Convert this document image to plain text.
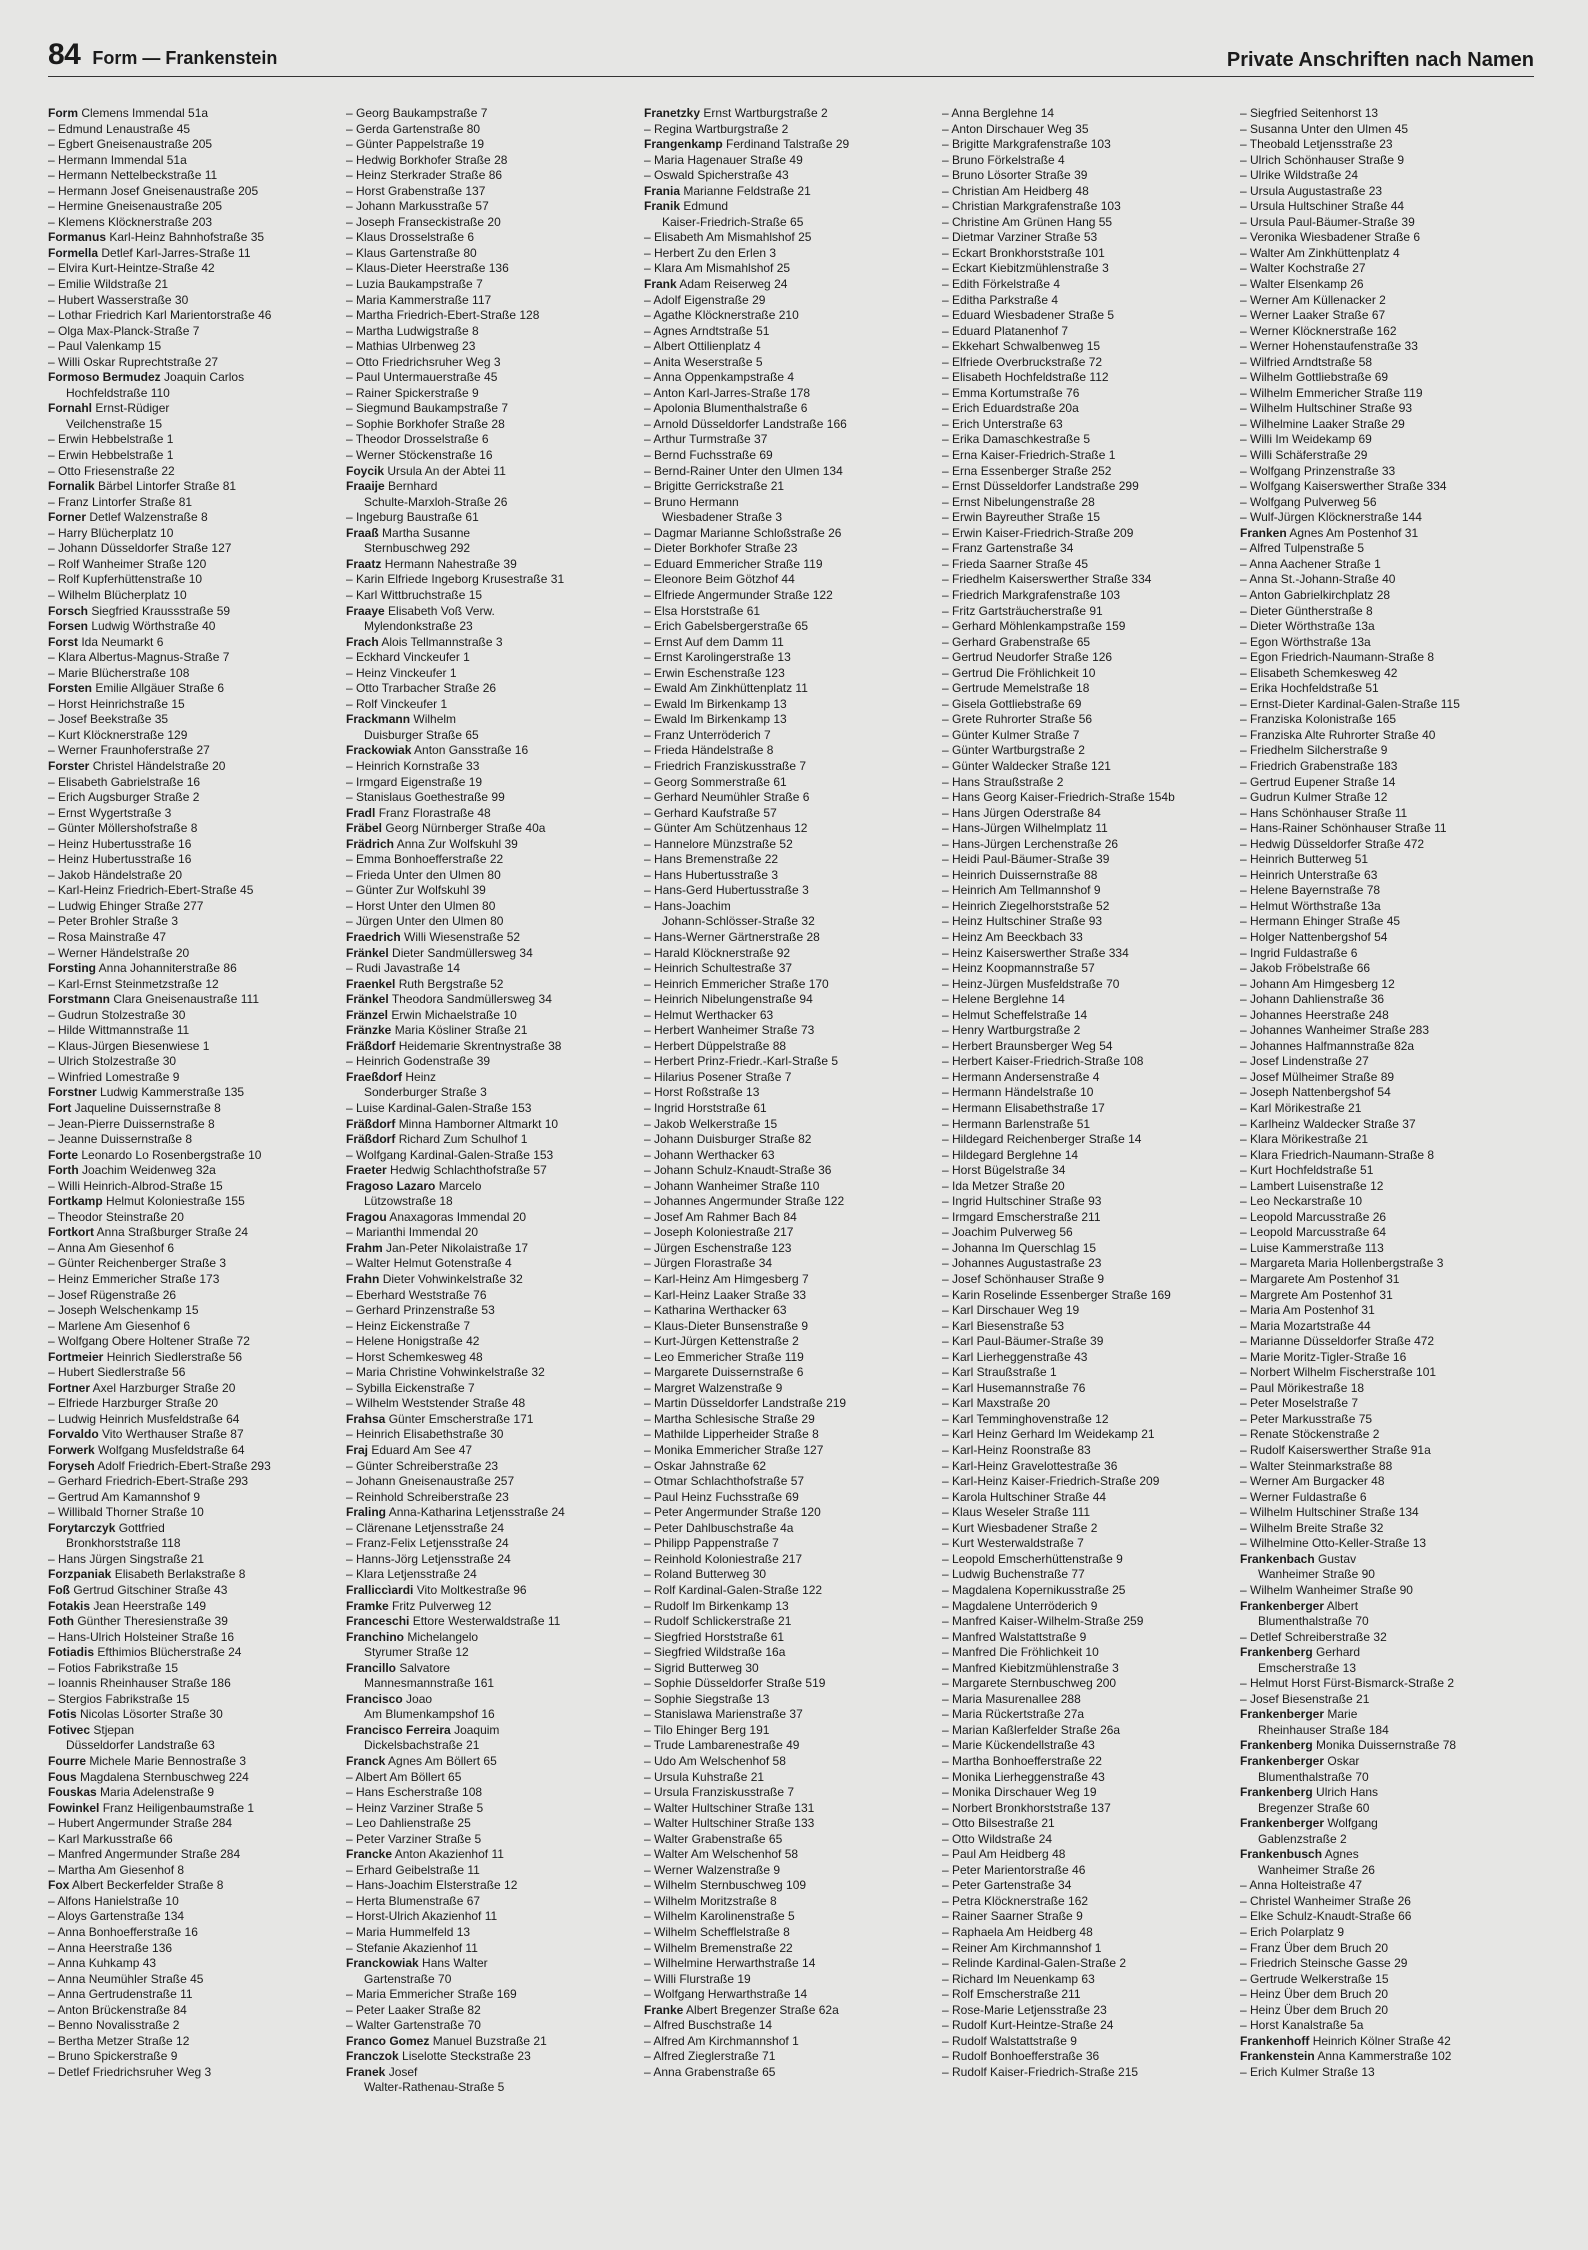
84 Form — Frankenstein	Private Anschriften nach Namen
Form Clemens Immendal 51a
– Edmund Lenaustraße 45
– Egbert Gneisenaustraße 205
– Hermann Immendal 51a
– Hermann Nettelbeckstraße 11
– Hermann Josef Gneisenaustraße 205
– Hermine Gneisenaustraße 205
– Klemens Klöcknerstraße 203
Formanus Karl-Heinz Bahnhofstraße 35
Formella Detlef Karl-Jarres-Straße 11
– Elvira Kurt-Heintze-Straße 42
– Emilie Wildstraße 21
– Hubert Wasserstraße 30
– Lothar Friedrich Karl Marientorstraße 46
– Olga Max-Planck-Straße 7
– Paul Valenkamp 15
– Willi Oskar Ruprechtstraße 27
Formoso Bermudez Joaquin Carlos
Hochfeldstraße 110
Fornahl Ernst-Rüdiger
Veilchenstraße 15
– Erwin Hebbelstraße 1
– Erwin Hebbelstraße 1
– Otto Friesenstraße 22
Fornalik Bärbel Lintorfer Straße 81
– Franz Lintorfer Straße 81
Forner Detlef Walzenstraße 8
– Harry Blücherplatz 10
– Johann Düsseldorfer Straße 127
– Rolf Wanheimer Straße 120
– Rolf Kupferhüttenstraße 10
– Wilhelm Blücherplatz 10
Forsch Siegfried Kraussstraße 59
Forsen Ludwig Wörthstraße 40
Forst Ida Neumarkt 6
– Klara Albertus-Magnus-Straße 7
– Marie Blücherstraße 108
Forsten Emilie Allgäuer Straße 6
– Horst Heinrichstraße 15
– Josef Beekstraße 35
– Kurt Klöcknerstraße 129
– Werner Fraunhoferstraße 27
Forster Christel Händelstraße 20
– Elisabeth Gabrielstraße 16
– Erich Augsburger Straße 2
– Ernst Wygertstraße 3
– Günter Möllershofstraße 8
– Heinz Hubertusstraße 16
– Heinz Hubertusstraße 16
– Jakob Händelstraße 20
– Karl-Heinz Friedrich-Ebert-Straße 45
– Ludwig Ehinger Straße 277
– Peter Brohler Straße 3
– Rosa Mainstraße 47
– Werner Händelstraße 20
Forsting Anna Johanniterstraße 86
– Karl-Ernst Steinmetzstraße 12
Forstmann Clara Gneisenaustraße 111
– Gudrun Stolzestraße 30
– Hilde Wittmannstraße 11
– Klaus-Jürgen Biesenwiese 1
– Ulrich Stolzestraße 30
– Winfried Lomestraße 9
Forstner Ludwig Kammerstraße 135
Fort Jaqueline Duissernstraße 8
– Jean-Pierre Duissernstraße 8
– Jeanne Duissernstraße 8
Forte Leonardo Lo Rosenbergstraße 10
Forth Joachim Weidenweg 32a
– Willi Heinrich-Albrod-Straße 15
Fortkamp Helmut Koloniestraße 155
– Theodor Steinstraße 20
Fortkort Anna Straßburger Straße 24
– Anna Am Giesenhof 6
– Günter Reichenberger Straße 3
– Heinz Emmericher Straße 173
– Josef Rügenstraße 26
– Joseph Welschenkamp 15
– Marlene Am Giesenhof 6
– Wolfgang Obere Holtener Straße 72
Fortmeier Heinrich Siedlerstraße 56
– Hubert Siedlerstraße 56
Fortner Axel Harzburger Straße 20
– Elfriede Harzburger Straße 20
– Ludwig Heinrich Musfeldstraße 64
Forvaldo Vito Werthauser Straße 87
Forwerk Wolfgang Musfeldstraße 64
Foryseh Adolf Friedrich-Ebert-Straße 293
– Gerhard Friedrich-Ebert-Straße 293
– Gertrud Am Kamannshof 9
– Willibald Thorner Straße 10
Forytarczyk Gottfried
Bronkhorststraße 118
– Hans Jürgen Singstraße 21
Forzpaniak Elisabeth Berlakstraße 8
Foß Gertrud Gitschiner Straße 43
Fotakis Jean Heerstraße 149
Foth Günther Theresienstraße 39
– Hans-Ulrich Holsteiner Straße 16
Fotiadis Efthimios Blücherstraße 24
– Fotios Fabrikstraße 15
– Ioannis Rheinhauser Straße 186
– Stergios Fabrikstraße 15
Fotis Nicolas Lösorter Straße 30
Fotivec Stjepan
Düsseldorfer Landstraße 63
Fourre Michele Marie Bennostraße 3
Fous Magdalena Sternbuschweg 224
Fouskas Maria Adelenstraße 9
Fowinkel Franz Heiligenbaumstraße 1
– Hubert Angermunder Straße 284
– Karl Markusstraße 66
– Manfred Angermunder Straße 284
– Martha Am Giesenhof 8
Fox Albert Beckerfelder Straße 8
– Alfons Hanielstraße 10
– Aloys Gartenstraße 134
– Anna Bonhoefferstraße 16
– Anna Heerstraße 136
– Anna Kuhkamp 43
– Anna Neumühler Straße 45
– Anna Gertrudenstraße 11
– Anton Brückenstraße 84
– Benno Novalisstraße 2
– Bertha Metzer Straße 12
– Bruno Spickerstraße 9
– Detlef Friedrichsruher Weg 3
– Georg Baukampstraße 7
– Gerda Gartenstraße 80
– Günter Pappelstraße 19
– Hedwig Borkhofer Straße 28
– Heinz Sterkrader Straße 86
– Horst Grabenstraße 137
– Johann Markusstraße 57
– Joseph Franseckistraße 20
– Klaus Drosselstraße 6
– Klaus Gartenstraße 80
– Klaus-Dieter Heerstraße 136
– Luzia Baukampstraße 7
– Maria Kammerstraße 117
– Martha Friedrich-Ebert-Straße 128
– Martha Ludwigstraße 8
– Mathias Ulrbenweg 23
– Otto Friedrichsruher Weg 3
– Paul Untermauerstraße 45
– Rainer Spickerstraße 9
– Siegmund Baukampstraße 7
– Sophie Borkhofer Straße 28
– Theodor Drosselstraße 6
– Werner Stöckenstraße 16
Foycik Ursula An der Abtei 11
Fraaije Bernhard
Schulte-Marxloh-Straße 26
– Ingeburg Baustraße 61
Fraaß Martha Susanne
Sternbuschweg 292
Fraatz Hermann Nahestraße 39
– Karin Elfriede Ingeborg Krusestraße 31
– Karl Wittbruchstraße 15
Fraaye Elisabeth Voß Verw.
Mylendonkstraße 23
Frach Alois Tellmannstraße 3
– Eckhard Vinckeufer 1
– Heinz Vinckeufer 1
– Otto Trarbacher Straße 26
– Rolf Vinckeufer 1
Frackmann Wilhelm
Duisburger Straße 65
Frackowiak Anton Gansstraße 16
– Heinrich Kornstraße 33
– Irmgard Eigenstraße 19
– Stanislaus Goethestraße 99
Fradl Franz Florastraße 48
Fräbel Georg Nürnberger Straße 40a
Frädrich Anna Zur Wolfskuhl 39
– Emma Bonhoefferstraße 22
– Frieda Unter den Ulmen 80
– Günter Zur Wolfskuhl 39
– Horst Unter den Ulmen 80
– Jürgen Unter den Ulmen 80
Fraedrich Willi Wiesenstraße 52
Fränkel Dieter Sandmüllersweg 34
– Rudi Javastraße 14
Fraenkel Ruth Bergstraße 52
Fränkel Theodora Sandmüllersweg 34
Fränzel Erwin Michaelstraße 10
Fränzke Maria Kösliner Straße 21
Fräßdorf Heidemarie Skrentnystraße 38
– Heinrich Godenstraße 39
Fraeßdorf Heinz
Sonderburger Straße 3
– Luise Kardinal-Galen-Straße 153
Fräßdorf Minna Hamborner Altmarkt 10
Fräßdorf Richard Zum Schulhof 1
– Wolfgang Kardinal-Galen-Straße 153
Fraeter Hedwig Schlachthofstraße 57
Fragoso Lazaro Marcelo
Lützowstraße 18
Fragou Anaxagoras Immendal 20
– Marianthi Immendal 20
Frahm Jan-Peter Nikolaistraße 17
– Walter Helmut Gotenstraße 4
Frahn Dieter Vohwinkelstraße 32
– Eberhard Weststraße 76
– Gerhard Prinzenstraße 53
– Heinz Eickenstraße 7
– Helene Honigstraße 42
– Horst Schemkesweg 48
– Maria Christine Vohwinkelstraße 32
– Sybilla Eickenstraße 7
– Wilhelm Weststender Straße 48
Frahsa Günter Emscherstraße 171
– Heinrich Elisabethstraße 30
Fraj Eduard Am See 47
– Günter Schreiberstraße 23
– Johann Gneisenaustraße 257
– Reinhold Schreiberstraße 23
Fraling Anna-Katharina Letjensstraße 24
– Clärenane Letjensstraße 24
– Franz-Felix Letjensstraße 24
– Hanns-Jörg Letjensstraße 24
– Klara Letjensstraße 24
Fralliccìardi Vito Moltkestraße 96
Framke Fritz Pulverweg 12
Franceschi Ettore Westerwaldstraße 11
Franchino Michelangelo
Styrumer Straße 12
Francillo Salvatore
Mannesmannstraße 161
Francisco Joao
Am Blumenkampshof 16
Francisco Ferreira Joaquim
Dickelsbachstraße 21
Franck Agnes Am Böllert 65
– Albert Am Böllert 65
– Hans Escherstraße 108
– Heinz Varziner Straße 5
– Leo Dahlienstraße 25
– Peter Varziner Straße 5
Francke Anton Akazienhof 11
– Erhard Geibelstraße 11
– Hans-Joachim Elsterstraße 12
– Herta Blumenstraße 67
– Horst-Ulrich Akazienhof 11
– Maria Hummelfeld 13
– Stefanie Akazienhof 11
Franckowiak Hans Walter
Gartenstraße 70
– Maria Emmericher Straße 169
– Peter Laaker Straße 82
– Walter Gartenstraße 70
Franco Gomez Manuel Buzstraße 21
Franczok Liselotte Steckstraße 23
Franek Josef
Walter-Rathenau-Straße 5
Franetzky Ernst Wartburgstraße 2
– Regina Wartburgstraße 2
Frangenkamp Ferdinand Talstraße 29
– Maria Hagenauer Straße 49
– Oswald Spicherstraße 43
Frania Marianne Feldstraße 21
Franik Edmund
Kaiser-Friedrich-Straße 65
– Elisabeth Am Mismahlshof 25
– Herbert Zu den Erlen 3
– Klara Am Mismahlshof 25
Frank Adam Reiserweg 24
– Adolf Eigenstraße 29
– Agathe Klöcknerstraße 210
– Agnes Arndtstraße 51
– Albert Ottilienplatz 4
– Anita Weserstraße 5
– Anna Oppenkampstraße 4
– Anton Karl-Jarres-Straße 178
– Apolonia Blumenthalstraße 6
– Arnold Düsseldorfer Landstraße 166
– Arthur Turmstraße 37
– Bernd Fuchsstraße 69
– Bernd-Rainer Unter den Ulmen 134
– Brigitte Gerrickstraße 21
– Bruno Hermann
Wiesbadener Straße 3
– Dagmar Marianne Schloßstraße 26
– Dieter Borkhofer Straße 23
– Eduard Emmericher Straße 119
– Eleonore Beim Götzhof 44
– Elfriede Angermunder Straße 122
– Elsa Horststraße 61
– Erich Gabelsbergerstraße 65
– Ernst Auf dem Damm 11
– Ernst Karolingerstraße 13
– Erwin Eschenstraße 123
– Ewald Am Zinkhüttenplatz 11
– Ewald Im Birkenkamp 13
– Ewald Im Birkenkamp 13
– Franz Unterröderich 7
– Frieda Händelstraße 8
– Friedrich Franziskusstraße 7
– Georg Sommerstraße 61
– Gerhard Neumühler Straße 6
– Gerhard Kaufstraße 57
– Günter Am Schützenhaus 12
– Hannelore Münzstraße 52
– Hans Bremenstraße 22
– Hans Hubertusstraße 3
– Hans-Gerd Hubertusstraße 3
– Hans-Joachim
Johann-Schlösser-Straße 32
– Hans-Werner Gärtnerstraße 28
– Harald Klöcknerstraße 92
– Heinrich Schultestraße 37
– Heinrich Emmericher Straße 170
– Heinrich Nibelungenstraße 94
– Helmut Werthacker 63
– Herbert Wanheimer Straße 73
– Herbert Düppelstraße 88
– Herbert Prinz-Friedr.-Karl-Straße 5
– Hilarius Posener Straße 7
– Horst Roßstraße 13
– Ingrid Horststraße 61
– Jakob Welkerstraße 15
– Johann Duisburger Straße 82
– Johann Werthacker 63
– Johann Schulz-Knaudt-Straße 36
– Johann Wanheimer Straße 110
– Johannes Angermunder Straße 122
– Josef Am Rahmer Bach 84
– Joseph Koloniestraße 217
– Jürgen Eschenstraße 123
– Jürgen Florastraße 34
– Karl-Heinz Am Himgesberg 7
– Karl-Heinz Laaker Straße 33
– Katharina Werthacker 63
– Klaus-Dieter Bunsenstraße 9
– Kurt-Jürgen Kettenstraße 2
– Leo Emmericher Straße 119
– Margarete Duissernstraße 6
– Margret Walzenstraße 9
– Martin Düsseldorfer Landstraße 219
– Martha Schlesische Straße 29
– Mathilde Lipperheider Straße 8
– Monika Emmericher Straße 127
– Oskar Jahnstraße 62
– Otmar Schlachthofstraße 57
– Paul Heinz Fuchsstraße 69
– Peter Angermunder Straße 120
– Peter Dahlbuschstraße 4a
– Philipp Pappenstraße 7
– Reinhold Koloniestraße 217
– Roland Butterweg 30
– Rolf Kardinal-Galen-Straße 122
– Rudolf Im Birkenkamp 13
– Rudolf Schlickerstraße 21
– Siegfried Horststraße 61
– Siegfried Wildstraße 16a
– Sigrid Butterweg 30
– Sophie Düsseldorfer Straße 519
– Sophie Siegstraße 13
– Stanislawa Marienstraße 37
– Tilo Ehinger Berg 191
– Trude Lambarenestraße 49
– Udo Am Welschenhof 58
– Ursula Kuhstraße 21
– Ursula Franziskusstraße 7
– Walter Hultschiner Straße 131
– Walter Hultschiner Straße 133
– Walter Grabenstraße 65
– Walter Am Welschenhof 58
– Werner Walzenstraße 9
– Wilhelm Sternbuschweg 109
– Wilhelm Moritzstraße 8
– Wilhelm Karolinenstraße 5
– Wilhelm Schefflelstraße 8
– Wilhelm Bremenstraße 22
– Wilhelmine Herwarthstraße 14
– Willi Flurstraße 19
– Wolfgang Herwarthstraße 14
Franke Albert Bregenzer Straße 62a
– Alfred Buschstraße 14
– Alfred Am Kirchmannshof 1
– Alfred Zieglerstraße 71
– Anna Grabenstraße 65
– Anna Berglehne 14
– Anton Dirschauer Weg 35
– Brigitte Markgrafenstraße 103
– Bruno Förkelstraße 4
– Bruno Lösorter Straße 39
– Christian Am Heidberg 48
– Christian Markgrafenstraße 103
– Christine Am Grünen Hang 55
– Dietmar Varziner Straße 53
– Eckart Bronkhorststraße 101
– Eckart Kiebitzmühlenstraße 3
– Edith Förkelstraße 4
– Editha Parkstraße 4
– Eduard Wiesbadener Straße 5
– Eduard Platanenhof 7
– Ekkehart Schwalbenweg 15
– Elfriede Overbruckstraße 72
– Elisabeth Hochfeldstraße 112
– Emma Kortumstraße 76
– Erich Eduardstraße 20a
– Erich Unterstraße 63
– Erika Damaschkestraße 5
– Erna Kaiser-Friedrich-Straße 1
– Erna Essenberger Straße 252
– Ernst Düsseldorfer Landstraße 299
– Ernst Nibelungenstraße 28
– Erwin Bayreuther Straße 15
– Erwin Kaiser-Friedrich-Straße 209
– Franz Gartenstraße 34
– Frieda Saarner Straße 45
– Friedhelm Kaiserswerther Straße 334
– Friedrich Markgrafenstraße 103
– Fritz Gartsträucherstraße 91
– Gerhard Möhlenkampstraße 159
– Gerhard Grabenstraße 65
– Gertrud Neudorfer Straße 126
– Gertrud Die Fröhlichkeit 10
– Gertrude Memelstraße 18
– Gisela Gottliebstraße 69
– Grete Ruhrorter Straße 56
– Günter Kulmer Straße 7
– Günter Wartburgstraße 2
– Günter Waldecker Straße 121
– Hans Straußstraße 2
– Hans Georg Kaiser-Friedrich-Straße 154b
– Hans Jürgen Oderstraße 84
– Hans-Jürgen Wilhelmplatz 11
– Hans-Jürgen Lerchenstraße 26
– Heidi Paul-Bäumer-Straße 39
– Heinrich Duissernstraße 88
– Heinrich Am Tellmannshof 9
– Heinrich Ziegelhorststraße 52
– Heinz Hultschiner Straße 93
– Heinz Am Beeckbach 33
– Heinz Kaiserswerther Straße 334
– Heinz Koopmannstraße 57
– Heinz-Jürgen Musfeldstraße 70
– Helene Berglehne 14
– Helmut Scheffelstraße 14
– Henry Wartburgstraße 2
– Herbert Braunsberger Weg 54
– Herbert Kaiser-Friedrich-Straße 108
– Hermann Andersenstraße 4
– Hermann Händelstraße 10
– Hermann Elisabethstraße 17
– Hermann Barlenstraße 51
– Hildegard Reichenberger Straße 14
– Hildegard Berglehne 14
– Horst Bügelstraße 34
– Ida Metzer Straße 20
– Ingrid Hultschiner Straße 93
– Irmgard Emscherstraße 211
– Joachim Pulverweg 56
– Johanna Im Querschlag 15
– Johannes Augustastraße 23
– Josef Schönhauser Straße 9
– Karin Roselinde Essenberger Straße 169
– Karl Dirschauer Weg 19
– Karl Biesenstraße 53
– Karl Paul-Bäumer-Straße 39
– Karl Lierheggenstraße 43
– Karl Straußstraße 1
– Karl Husemannstraße 76
– Karl Maxstraße 20
– Karl Temminghovenstraße 12
– Karl Heinz Gerhard Im Weidekamp 21
– Karl-Heinz Roonstraße 83
– Karl-Heinz Gravelottestraße 36
– Karl-Heinz Kaiser-Friedrich-Straße 209
– Karola Hultschiner Straße 44
– Klaus Weseler Straße 111
– Kurt Wiesbadener Straße 2
– Kurt Westerwaldstraße 7
– Leopold Emscherhüttenstraße 9
– Ludwig Buchenstraße 77
– Magdalena Kopernikusstraße 25
– Magdalene Unterröderich 9
– Manfred Kaiser-Wilhelm-Straße 259
– Manfred Walstattstraße 9
– Manfred Die Fröhlichkeit 10
– Manfred Kiebitzmühlenstraße 3
– Margarete Sternbuschweg 200
– Maria Masurenallee 288
– Maria Rückertstraße 27a
– Marian Kaßlerfelder Straße 26a
– Marie Kückendellstraße 43
– Martha Bonhoefferstraße 22
– Monika Lierheggenstraße 43
– Monika Dirschauer Weg 19
– Norbert Bronkhorststraße 137
– Otto Bilsestraße 21
– Otto Wildstraße 24
– Paul Am Heidberg 48
– Peter Marientorstraße 46
– Peter Gartenstraße 34
– Petra Klöcknerstraße 162
– Rainer Saarner Straße 9
– Raphaela Am Heidberg 48
– Reiner Am Kirchmannshof 1
– Relinde Kardinal-Galen-Straße 2
– Richard Im Neuenkamp 63
– Rolf Emscherstraße 211
– Rose-Marie Letjensstraße 23
– Rudolf Kurt-Heintze-Straße 24
– Rudolf Walstattstraße 9
– Rudolf Bonhoefferstraße 36
– Rudolf Kaiser-Friedrich-Straße 215
– Siegfried Seitenhorst 13
– Susanna Unter den Ulmen 45
– Theobald Letjensstraße 23
– Ulrich Schönhauser Straße 9
– Ulrike Wildstraße 24
– Ursula Augustastraße 23
– Ursula Hultschiner Straße 44
– Ursula Paul-Bäumer-Straße 39
– Veronika Wiesbadener Straße 6
– Walter Am Zinkhüttenplatz 4
– Walter Kochstraße 27
– Walter Elsenkamp 26
– Werner Am Küllenacker 2
– Werner Laaker Straße 67
– Werner Klöcknerstraße 162
– Werner Hohenstaufenstraße 33
– Wilfried Arndtstraße 58
– Wilhelm Gottliebstraße 69
– Wilhelm Emmericher Straße 119
– Wilhelm Hultschiner Straße 93
– Wilhelmine Laaker Straße 29
– Willi Im Weidekamp 69
– Willi Schäferstraße 29
– Wolfgang Prinzenstraße 33
– Wolfgang Kaiserswerther Straße 334
– Wolfgang Pulverweg 56
– Wulf-Jürgen Klöcknerstraße 144
Franken Agnes Am Postenhof 31
– Alfred Tulpenstraße 5
– Anna Aachener Straße 1
– Anna St.-Johann-Straße 40
– Anton Gabrielkirchplatz 28
– Dieter Güntherstraße 8
– Dieter Wörthstraße 13a
– Egon Wörthstraße 13a
– Egon Friedrich-Naumann-Straße 8
– Elisabeth Schemkesweg 42
– Erika Hochfeldstraße 51
– Ernst-Dieter Kardinal-Galen-Straße 115
– Franziska Kolonistraße 165
– Franziska Alte Ruhrorter Straße 40
– Friedhelm Silcherstraße 9
– Friedrich Grabenstraße 183
– Gertrud Eupener Straße 14
– Gudrun Kulmer Straße 12
– Hans Schönhauser Straße 11
– Hans-Rainer Schönhauser Straße 11
– Hedwig Düsseldorfer Straße 472
– Heinrich Butterweg 51
– Heinrich Unterstraße 63
– Helene Bayernstraße 78
– Helmut Wörthstraße 13a
– Hermann Ehinger Straße 45
– Holger Nattenbergshof 54
– Ingrid Fuldastraße 6
– Jakob Fröbelstraße 66
– Johann Am Himgesberg 12
– Johann Dahlienstraße 36
– Johannes Heerstraße 248
– Johannes Wanheimer Straße 283
– Johannes Halfmannstraße 82a
– Josef Lindenstraße 27
– Josef Mülheimer Straße 89
– Joseph Nattenbergshof 54
– Karl Mörikestraße 21
– Karlheinz Waldecker Straße 37
– Klara Mörikestraße 21
– Klara Friedrich-Naumann-Straße 8
– Kurt Hochfeldstraße 51
– Lambert Luisenstraße 12
– Leo Neckarstraße 10
– Leopold Marcusstraße 26
– Leopold Marcusstraße 64
– Luise Kammerstraße 113
– Margareta Maria Hollenbergstraße 3
– Margarete Am Postenhof 31
– Margrete Am Postenhof 31
– Maria Am Postenhof 31
– Maria Mozartstraße 44
– Marianne Düsseldorfer Straße 472
– Marie Moritz-Tigler-Straße 16
– Norbert Wilhelm Fischerstraße 101
– Paul Mörikestraße 18
– Peter Moselstraße 7
– Peter Markusstraße 75
– Renate Stöckenstraße 2
– Rudolf Kaiserswerther Straße 91a
– Walter Steinmarkstraße 88
– Werner Am Burgacker 48
– Werner Fuldastraße 6
– Wilhelm Hultschiner Straße 134
– Wilhelm Breite Straße 32
– Wilhelmine Otto-Keller-Straße 13
Frankenbach Gustav
Wanheimer Straße 90
– Wilhelm Wanheimer Straße 90
Frankenberger Albert
Blumenthalstraße 70
– Detlef Schreiberstraße 32
Frankenberg Gerhard
Emscherstraße 13
– Helmut Horst Fürst-Bismarck-Straße 2
– Josef Biesenstraße 21
Frankenberger Marie
Rheinhauser Straße 184
Frankenberg Monika Duissernstraße 78
Frankenberger Oskar
Blumenthalstraße 70
Frankenberg Ulrich Hans
Bregenzer Straße 60
Frankenberger Wolfgang
Gablenzstraße 2
Frankenbusch Agnes
Wanheimer Straße 26
– Anna Holteistraße 47
– Christel Wanheimer Straße 26
– Elke Schulz-Knaudt-Straße 66
– Erich Polarplatz 9
– Franz Über dem Bruch 20
– Friedrich Steinsche Gasse 29
– Gertrude Welkerstraße 15
– Heinz Über dem Bruch 20
– Heinz Über dem Bruch 20
– Horst Kanalstraße 5a
Frankenhoff Heinrich Kölner Straße 42
Frankenstein Anna Kammerstraße 102
– Erich Kulmer Straße 13
